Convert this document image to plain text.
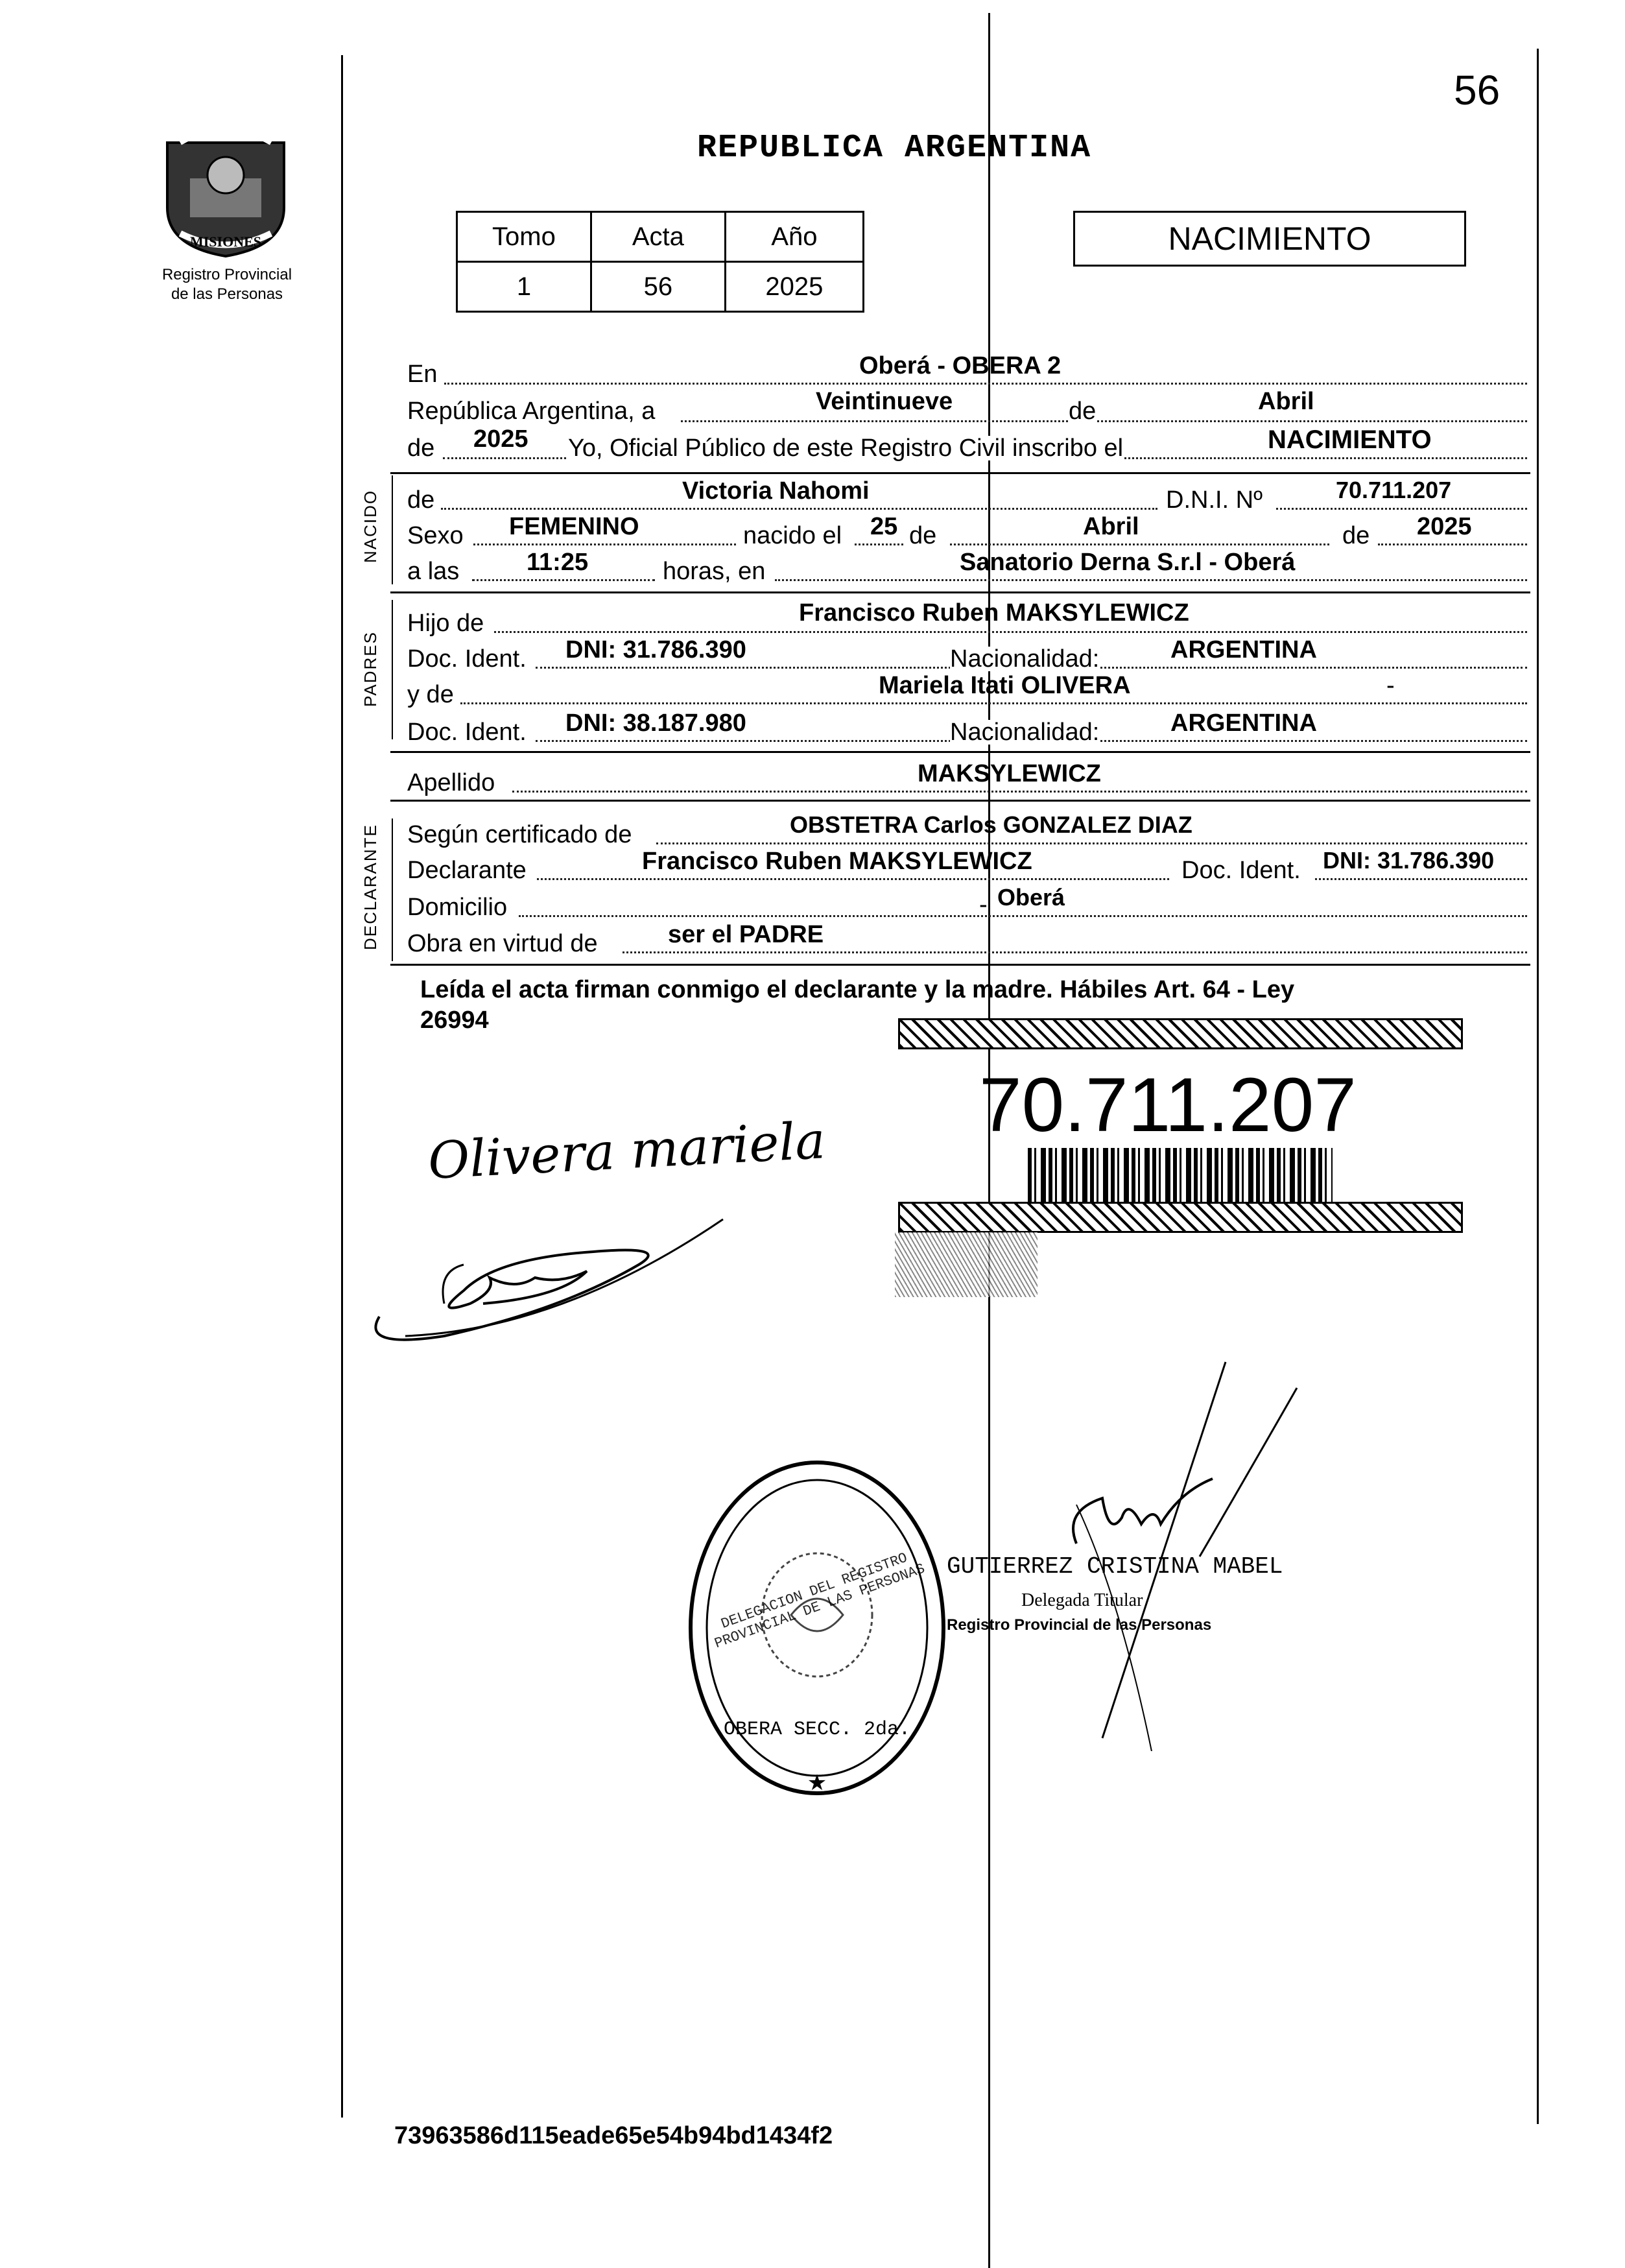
56
PROVINCIA DE
MISIONES
Registro Provincial
de las Personas
REPUBLICA ARGENTINA
Tomo	Acta	Año
1	56	2025
NACIMIENTO
En	Oberá - OBERA 2
República Argentina, a	Veintinueve	de	Abril
de 2025 Yo, Oficial Público de este Registro Civil inscribo el	NACIMIENTO
NACIDO de	Victoria Nahomi	D.N.I. Nº	70.711.207
Sexo FEMENINO	nacido el 25 de	Abril	de 2025
a las	11:25	horas, en	Sanatorio Derna S.r.l - Oberá
PADRES
Hijo de	Francisco Ruben MAKSYLEWICZ
Doc. Ident. DNI: 31.786.390	Nacionalidad:	ARGENTINA
y de	Mariela Itati OLIVERA	-
Doc. Ident. DNI: 38.187.980	Nacionalidad:	ARGENTINA
Apellido	MAKSYLEWICZ
DECLARANTE Según certificado de	OBSTETRA Carlos GONZALEZ DIAZ
Declarante	Francisco Ruben MAKSYLEWICZ	Doc. Ident. DNI: 31.786.390
Domicilio	- Oberá
Obra en virtud de	ser el PADRE
Leída el acta firman conmigo el declarante y la madre. Hábiles Art. 64 - Ley
26994
70.711.207
Olivera mariela
★
DELEGACION DEL REGISTRO PROVINCIAL DE LAS PERSONAS
OBERA SECC. 2da.
GUTIERREZ CRISTINA MABEL
Delegada Titular
Registro Provincial de las Personas
73963586d115eade65e54b94bd1434f2
